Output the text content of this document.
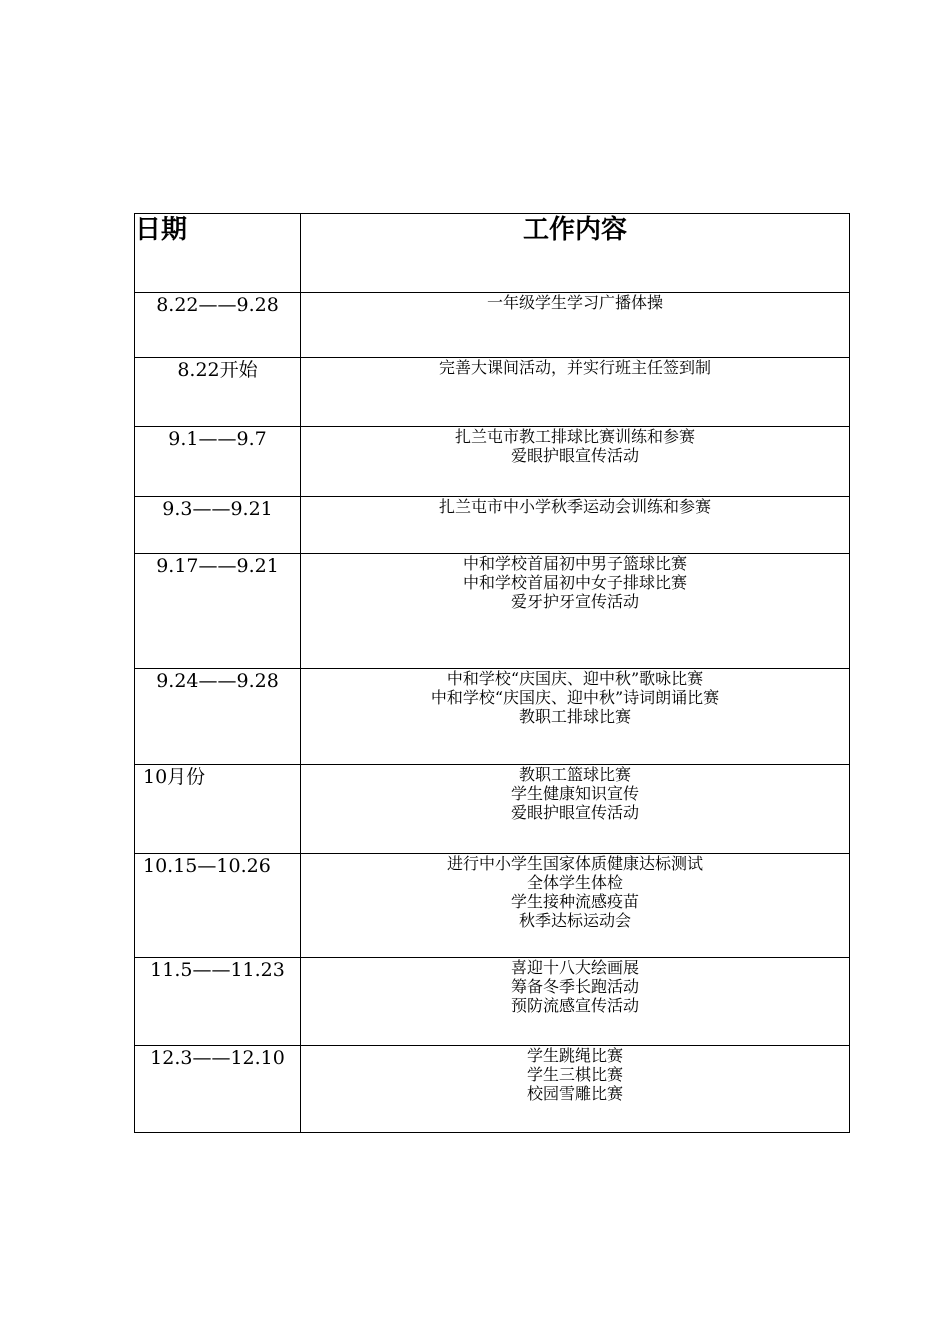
日期	工作内容
8.22——9.28	一年级学生学习广播体操

8.22开始	完善大课间活动，并实行班主任签到制

9.1——9.7	扎兰屯市教工排球比赛训练和参赛
爱眼护眼宣传活动

9.3——9.21	扎兰屯市中小学秋季运动会训练和参赛

9.17——9.21	中和学校首届初中男子篮球比赛
中和学校首届初中女子排球比赛
爱牙护牙宣传活动

9.24——9.28	中和学校“庆国庆、迎中秋”歌咏比赛
中和学校“庆国庆、迎中秋”诗词朗诵比赛
教职工排球比赛

10月份	教职工篮球比赛
学生健康知识宣传
爱眼护眼宣传活动

10.15—10.26	进行中小学生国家体质健康达标测试
全体学生体检
学生接种流感疫苗
秋季达标运动会

11.5——11.23	喜迎十八大绘画展
筹备冬季长跑活动
预防流感宣传活动

12.3——12.10	学生跳绳比赛
学生三棋比赛
校园雪雕比赛
